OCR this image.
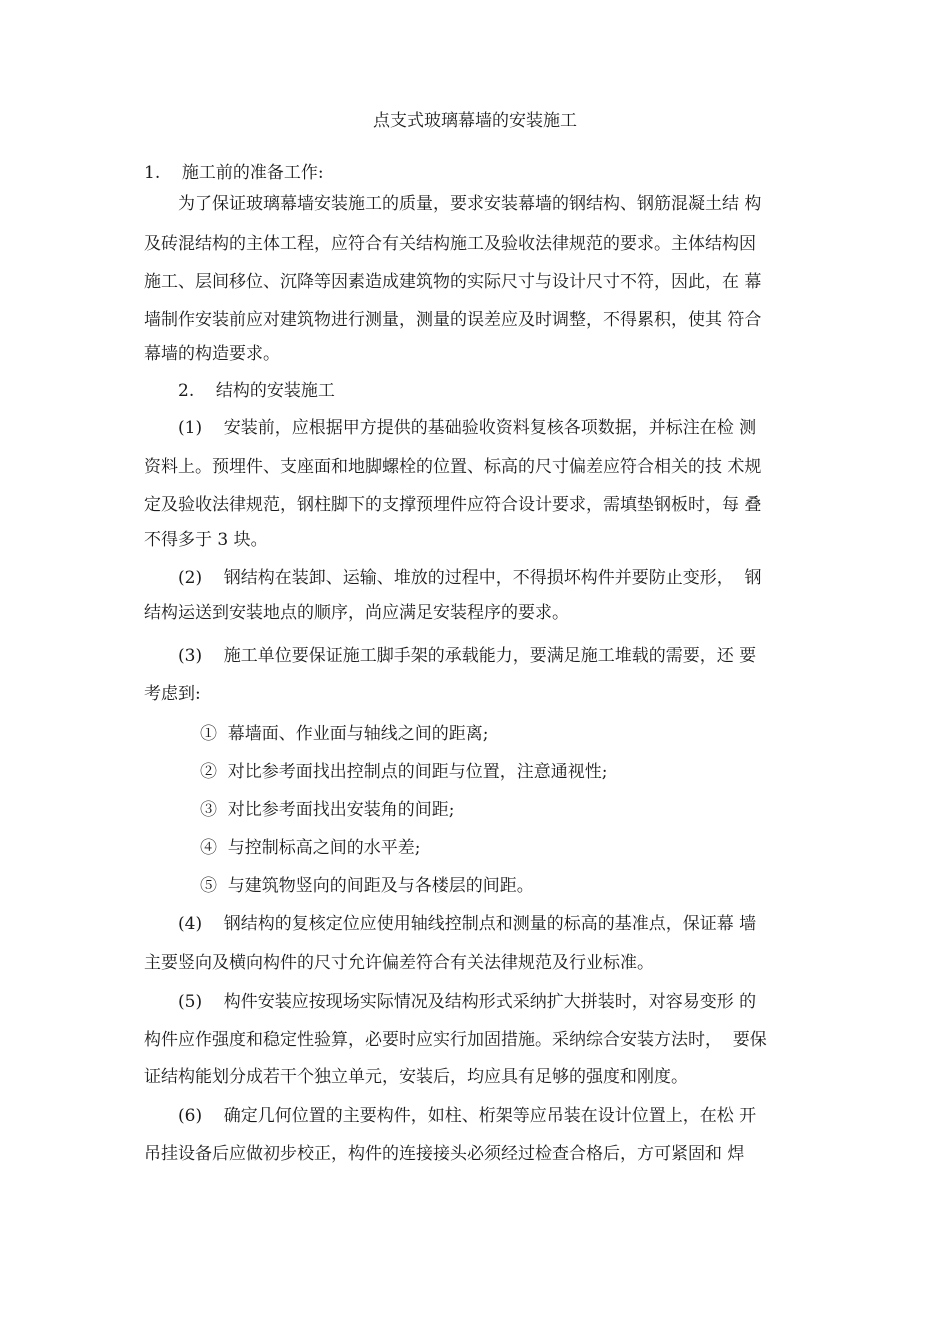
点支式玻璃幕墙的安装施工
1.    施工前的准备工作:
为了保证玻璃幕墙安装施工的质量，要求安装幕墙的钢结构、钢筋混凝土结 构
及砖混结构的主体工程，应符合有关结构施工及验收法律规范的要求。主体结构因
施工、层间移位、沉降等因素造成建筑物的实际尺寸与设计尺寸不符，因此，在 幕
墙制作安装前应对建筑物进行测量，测量的误差应及时调整，不得累积，使其 符合
幕墙的构造要求。
2.    结构的安装施工
(1)    安装前，应根据甲方提供的基础验收资料复核各项数据，并标注在检 测
资料上。预埋件、支座面和地脚螺栓的位置、标高的尺寸偏差应符合相关的技 术规
定及验收法律规范，钢柱脚下的支撑预埋件应符合设计要求，需填垫钢板时，每 叠
不得多于 3 块。
(2)    钢结构在装卸、运输、堆放的过程中，不得损坏构件并要防止变形，  钢
结构运送到安装地点的顺序，尚应满足安装程序的要求。
(3)    施工单位要保证施工脚手架的承载能力，要满足施工堆载的需要，还 要
考虑到:
①  幕墙面、作业面与轴线之间的距离;
②  对比参考面找出控制点的间距与位置，注意通视性;
③  对比参考面找出安装角的间距;
④  与控制标高之间的水平差;
⑤  与建筑物竖向的间距及与各楼层的间距。
(4)    钢结构的复核定位应使用轴线控制点和测量的标高的基准点，保证幕 墙
主要竖向及横向构件的尺寸允许偏差符合有关法律规范及行业标准。
(5)    构件安装应按现场实际情况及结构形式采纳扩大拼装时，对容易变形 的
构件应作强度和稳定性验算，必要时应实行加固措施。采纳综合安装方法时，  要保
证结构能划分成若干个独立单元，安装后，均应具有足够的强度和刚度。
(6)    确定几何位置的主要构件，如柱、桁架等应吊装在设计位置上，在松 开
吊挂设备后应做初步校正，构件的连接接头必须经过检查合格后，方可紧固和 焊
